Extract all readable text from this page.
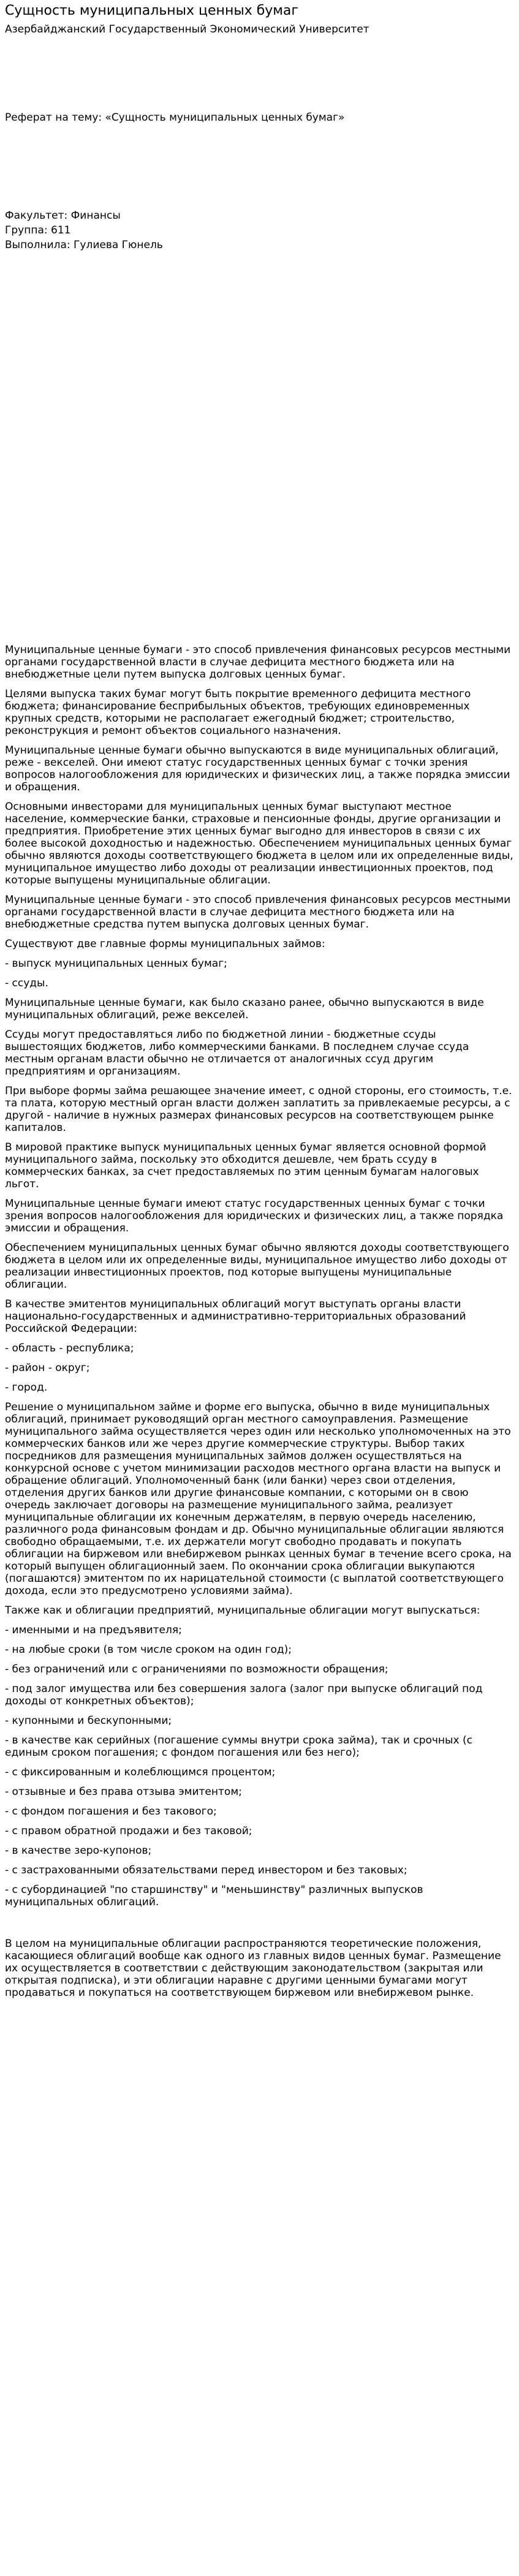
Сущность муниципальных ценных бумаг
Азербайджанский Государственный Экономический Университет
Реферат на тему: «Сущность муниципальных ценных бумаг»
Факультет: Финансы
Группа: 611
Выполнила: Гулиева Гюнель

Муниципальные ценные бумаги - это способ привлечения финансовых ресурсов местными органами государственной власти в случае дефицита местного бюджета или на внебюджетные цели путем выпуска долговых ценных бумаг.

Целями выпуска таких бумаг могут быть покрытие временного дефицита местного бюджета; финансирование бесприбыльных объектов, требующих единовременных крупных средств, которыми не располагает ежегодный бюджет; строительство, реконструкция и ремонт объектов социального назначения.

Муниципальные ценные бумаги обычно выпускаются в виде муниципальных облигаций, реже - векселей. Они имеют статус государственных ценных бумаг с точки зрения вопросов налогообложения для юридических и физических лиц, а также порядка эмиссии и обращения.

Основными инвесторами для муниципальных ценных бумаг выступают местное население, коммерческие банки, страховые и пенсионные фонды, другие организации и предприятия. Приобретение этих ценных бумаг выгодно для инвесторов в связи с их более высокой доходностью и надежностью. Обеспечением муниципальных ценных бумаг обычно являются доходы соответствующего бюджета в целом или их определенные виды, муниципальное имущество либо доходы от реализации инвестиционных проектов, под которые выпущены муниципальные облигации.

Муниципальные ценные бумаги - это способ привлечения финансовых ресурсов местными органами государственной власти в случае дефицита местного бюджета или на внебюджетные средства путем выпуска долговых ценных бумаг.

Существуют две главные формы муниципальных займов:

- выпуск муниципальных ценных бумаг;

- ссуды.

Муниципальные ценные бумаги, как было сказано ранее, обычно выпускаются в виде муниципальных облигаций, реже векселей.

Ссуды могут предоставляться либо по бюджетной линии - бюджетные ссуды вышестоящих бюджетов, либо коммерческими банками. В последнем случае ссуда местным органам власти обычно не отличается от аналогичных ссуд другим предприятиям и организациям.

При выборе формы займа решающее значение имеет, с одной стороны, его стоимость, т.е. та плата, которую местный орган власти должен заплатить за привлекаемые ресурсы, а с другой - наличие в нужных размерах финансовых ресурсов на соответствующем рынке капиталов.

В мировой практике выпуск муниципальных ценных бумаг является основной формой муниципального займа, поскольку это обходится дешевле, чем брать ссуду в коммерческих банках, за счет предоставляемых по этим ценным бумагам налоговых льгот.

Муниципальные ценные бумаги имеют статус государственных ценных бумаг с точки зрения вопросов налогообложения для юридических и физических лиц, а также порядка эмиссии и обращения.

Обеспечением муниципальных ценных бумаг обычно являются доходы соответствующего бюджета в целом или их определенные виды, муниципальное имущество либо доходы от реализации инвестиционных проектов, под которые выпущены муниципальные облигации.

В качестве эмитентов муниципальных облигаций могут выступать органы власти национально-государственных и административно-территориальных образований Российской Федерации:

- область - республика;

- район - округ;

- город.

Решение о муниципальном займе и форме его выпуска, обычно в виде муниципальных облигаций, принимает руководящий орган местного самоуправления. Размещение муниципального займа осуществляется через один или несколько уполномоченных на это коммерческих банков или же через другие коммерческие структуры. Выбор таких посредников для размещения муниципальных займов должен осуществляться на конкурсной основе с учетом минимизации расходов местного органа власти на выпуск и обращение облигаций. Уполномоченный банк (или банки) через свои отделения, отделения других банков или другие финансовые компании, с которыми он в свою очередь заключает договоры на размещение муниципального займа, реализует муниципальные облигации их конечным держателям, в первую очередь населению, различного рода финансовым фондам и др. Обычно муниципальные облигации являются свободно обращаемыми, т.е. их держатели могут свободно продавать и покупать облигации на биржевом или внебиржевом рынках ценных бумаг в течение всего срока, на который выпущен облигационный заем. По окончании срока облигации выкупаются (погашаются) эмитентом по их нарицательной стоимости (с выплатой соответствующего дохода, если это предусмотрено условиями займа).

Также как и облигации предприятий, муниципальные облигации могут выпускаться:

- именными и на предъявителя;

- на любые сроки (в том числе сроком на один год);

- без ограничений или с ограничениями по возможности обращения;

- под залог имущества или без совершения залога (залог при выпуске облигаций под доходы от конкретных объектов);

- купонными и бескупонными;

- в качестве как серийных (погашение суммы внутри срока займа), так и срочных (с единым сроком погашения; с фондом погашения или без него);

- с фиксированным и колеблющимся процентом;

- отзывные и без права отзыва эмитентом;

- с фондом погашения и без такового;

- с правом обратной продажи и без таковой;

- в качестве зеро-купонов;

- с застрахованными обязательствами перед инвестором и без таковых;

- с субординацией "по старшинству" и "меньшинству" различных выпусков муниципальных облигаций.

В целом на муниципальные облигации распространяются теоретические положения, касающиеся облигаций вообще как одного из главных видов ценных бумаг. Размещение их осуществляется в соответствии с действующим законодательством (закрытая или открытая подписка), и эти облигации наравне с другими ценными бумагами могут продаваться и покупаться на соответствующем биржевом или внебиржевом рынке.
